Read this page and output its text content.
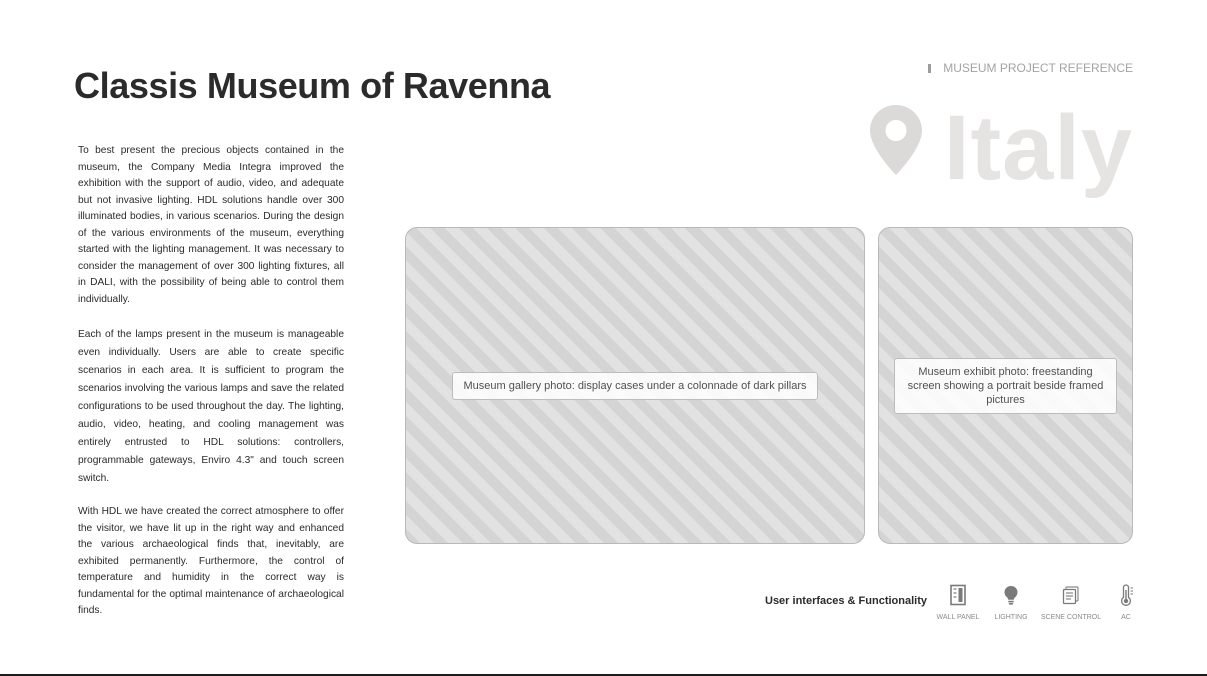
Classis Museum of Ravenna	MUSEUM PROJECT REFERENCE
Italy

To best present the precious objects contained in the museum, the Company Media Integra improved the exhibition with the support of audio, video, and adequate but not invasive lighting. HDL solutions handle over 300 illuminated bodies, in various scenarios. During the design of the various environments of the museum, everything started with the lighting management. It was necessary to consider the management of over 300 lighting fixtures, all in DALI, with the possibility of being able to control them individually.

Each of the lamps present in the museum is manageable even individually. Users are able to create specific scenarios in each area. It is sufficient to program the scenarios involving the various lamps and save the related configurations to be used throughout the day. The lighting, audio, video, heating, and cooling management was entirely entrusted to HDL solutions: controllers, programmable gateways, Enviro 4.3" and touch screen switch.

With HDL we have created the correct atmosphere to offer the visitor, we have lit up in the right way and enhanced the various archaeological finds that, inevitably, are exhibited permanently. Furthermore, the control of temperature and humidity in the correct way is fundamental for the optimal maintenance of archaeological finds.

Museum gallery photo: display cases under a colonnade of dark pillars
Museum exhibit photo: freestanding screen showing a portrait beside framed pictures
User interfaces & Functionality
WALL PANEL LIGHTING SCENE CONTROL	AC
